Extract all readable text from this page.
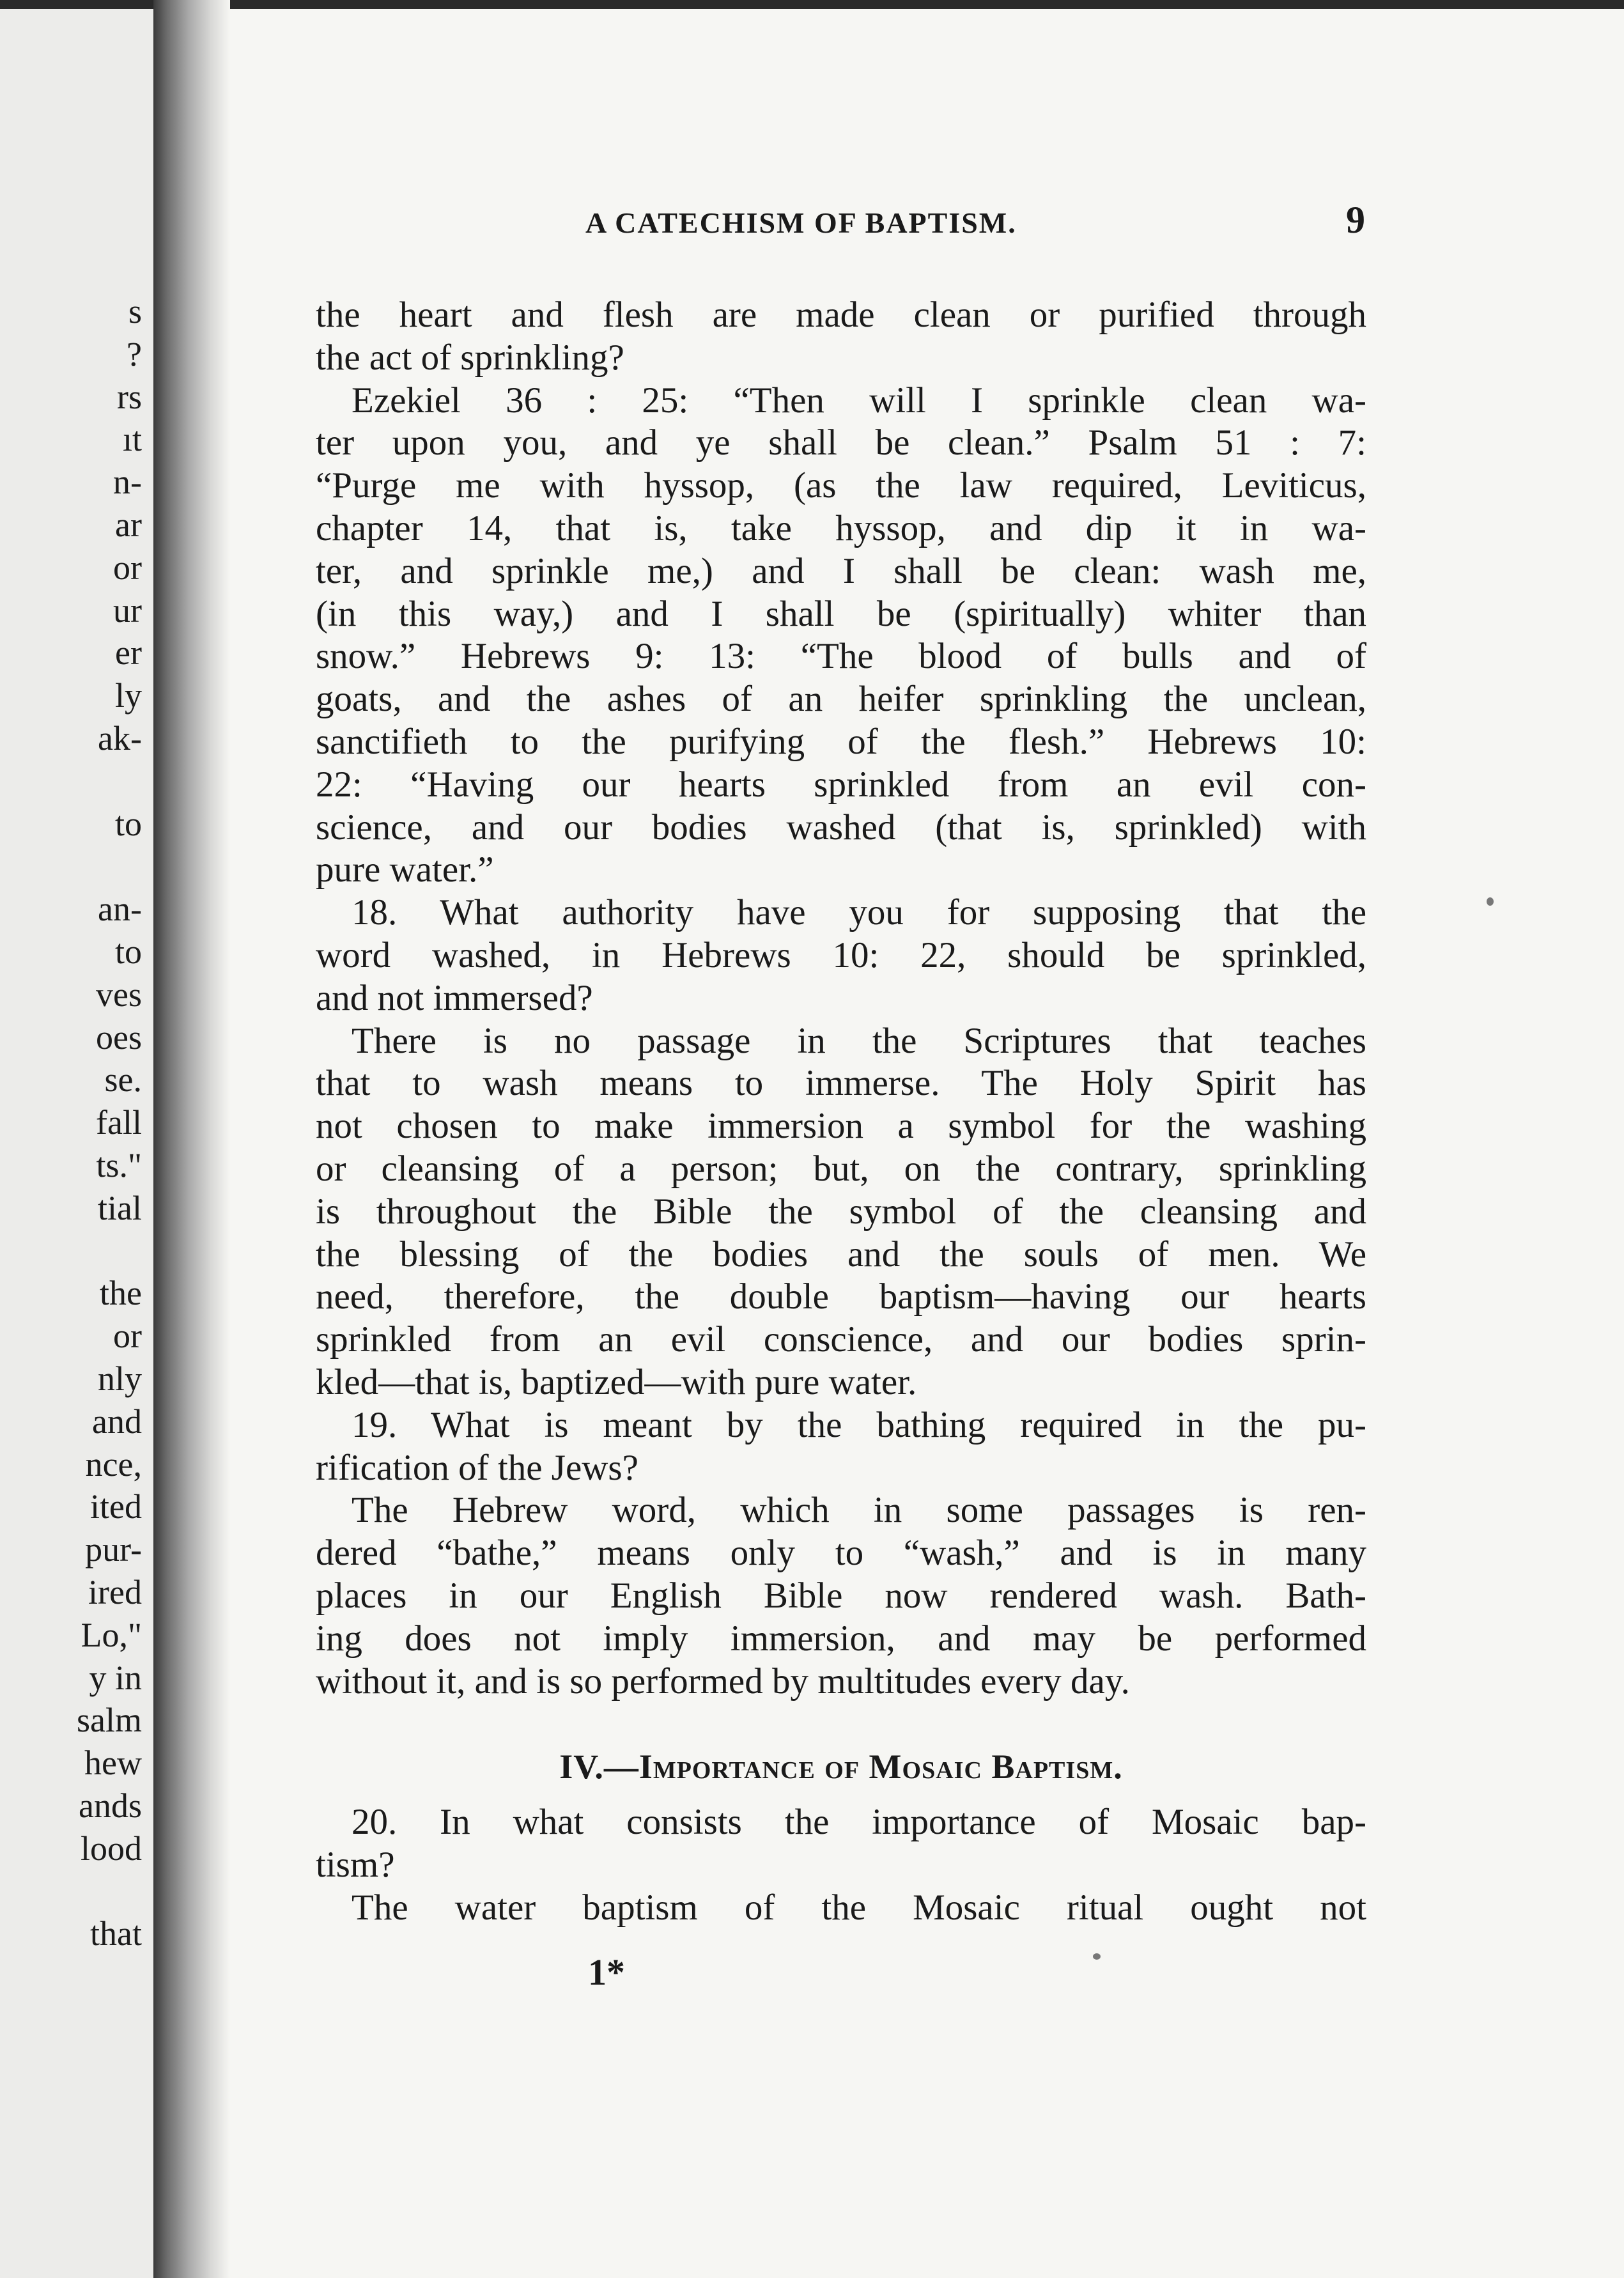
s
?
rs
ıt
n-
ar
or
ur
er
ly
ak-
to
an-
to
ves
oes
se.
fall
ts."
tial
the
or
nly
and
nce,
ited
pur-
ired
Lo,"
y in
salm
hew
ands
lood
that
A CATECHISM OF BAPTISM.	9
the heart and flesh are made clean or purified through
the act of sprinkling?
Ezekiel 36 : 25: “Then will I sprinkle clean wa-
ter upon you, and ye shall be clean.” Psalm 51 : 7:
“Purge me with hyssop, (as the law required, Leviticus,
chapter 14, that is, take hyssop, and dip it in wa-
ter, and sprinkle me,) and I shall be clean: wash me,
(in this way,) and I shall be (spiritually) whiter than
snow.” Hebrews 9: 13: “The blood of bulls and of
goats, and the ashes of an heifer sprinkling the unclean,
sanctifieth to the purifying of the flesh.” Hebrews 10:
22: “Having our hearts sprinkled from an evil con-
science, and our bodies washed (that is, sprinkled) with
pure water.”
18. What authority have you for supposing that the
word washed, in Hebrews 10: 22, should be sprinkled,
and not immersed?
There is no passage in the Scriptures that teaches
that to wash means to immerse. The Holy Spirit has
not chosen to make immersion a symbol for the washing
or cleansing of a person; but, on the contrary, sprinkling
is throughout the Bible the symbol of the cleansing and
the blessing of the bodies and the souls of men. We
need, therefore, the double baptism—having our hearts
sprinkled from an evil conscience, and our bodies sprin-
kled—that is, baptized—with pure water.
19. What is meant by the bathing required in the pu-
rification of the Jews?
The Hebrew word, which in some passages is ren-
dered “bathe,” means only to “wash,” and is in many
places in our English Bible now rendered wash. Bath-
ing does not imply immersion, and may be performed
without it, and is so performed by multitudes every day.
IV.—Importance of Mosaic Baptism.
20. In what consists the importance of Mosaic bap-
tism?
The water baptism of the Mosaic ritual ought not
1*
